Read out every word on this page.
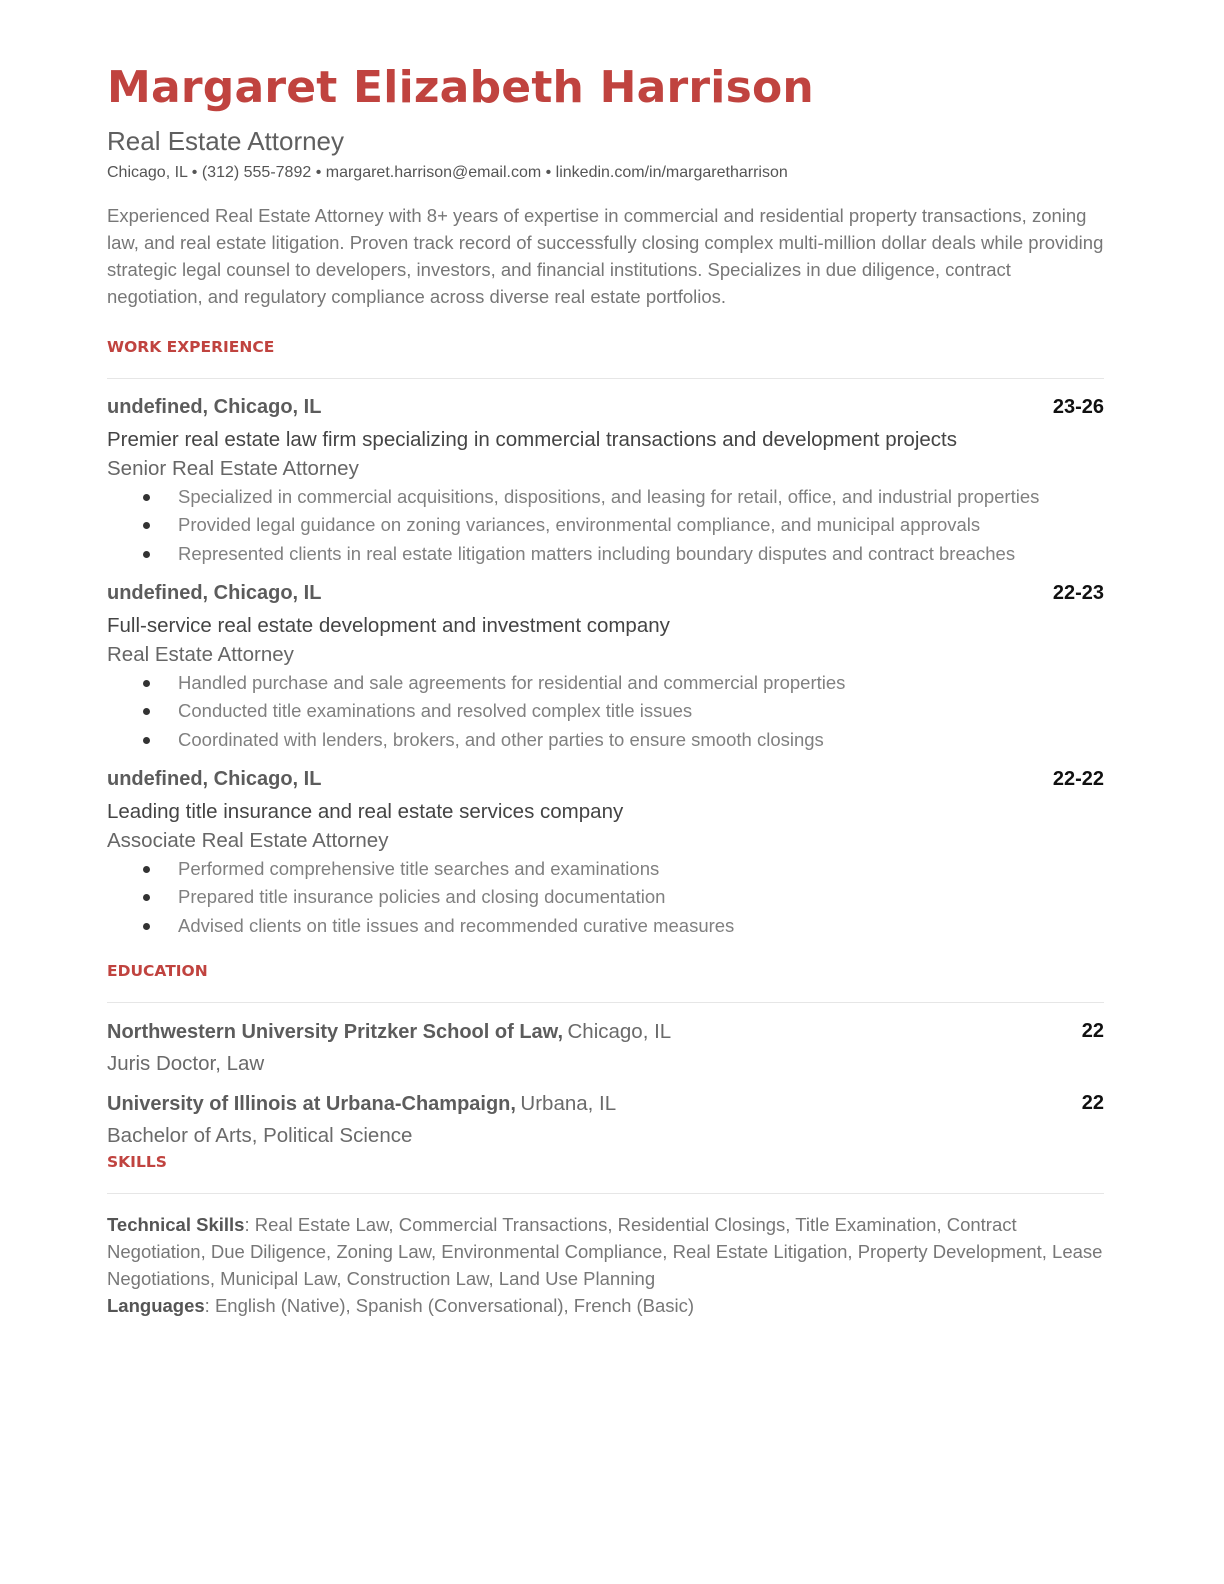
Margaret Elizabeth Harrison
Real Estate Attorney
Chicago, IL • (312) 555-7892 • margaret.harrison@email.com • linkedin.com/in/margaretharrison
Experienced Real Estate Attorney with 8+ years of expertise in commercial and residential property transactions, zoning law, and real estate litigation. Proven track record of successfully closing complex multi-million dollar deals while providing strategic legal counsel to developers, investors, and financial institutions. Specializes in due diligence, contract negotiation, and regulatory compliance across diverse real estate portfolios.
WORK EXPERIENCE
undefined, Chicago, IL	23-26
Premier real estate law firm specializing in commercial transactions and development projects
Senior Real Estate Attorney
Specialized in commercial acquisitions, dispositions, and leasing for retail, office, and industrial properties
Provided legal guidance on zoning variances, environmental compliance, and municipal approvals
Represented clients in real estate litigation matters including boundary disputes and contract breaches
undefined, Chicago, IL	22-23
Full-service real estate development and investment company
Real Estate Attorney
Handled purchase and sale agreements for residential and commercial properties
Conducted title examinations and resolved complex title issues
Coordinated with lenders, brokers, and other parties to ensure smooth closings
undefined, Chicago, IL	22-22
Leading title insurance and real estate services company
Associate Real Estate Attorney
Performed comprehensive title searches and examinations
Prepared title insurance policies and closing documentation
Advised clients on title issues and recommended curative measures
EDUCATION
Northwestern University Pritzker School of Law, Chicago, IL	22
Juris Doctor, Law
University of Illinois at Urbana-Champaign, Urbana, IL	22
Bachelor of Arts, Political Science
SKILLS
Technical Skills: Real Estate Law, Commercial Transactions, Residential Closings, Title Examination, Contract Negotiation, Due Diligence, Zoning Law, Environmental Compliance, Real Estate Litigation, Property Development, Lease Negotiations, Municipal Law, Construction Law, Land Use Planning
Languages: English (Native), Spanish (Conversational), French (Basic)
